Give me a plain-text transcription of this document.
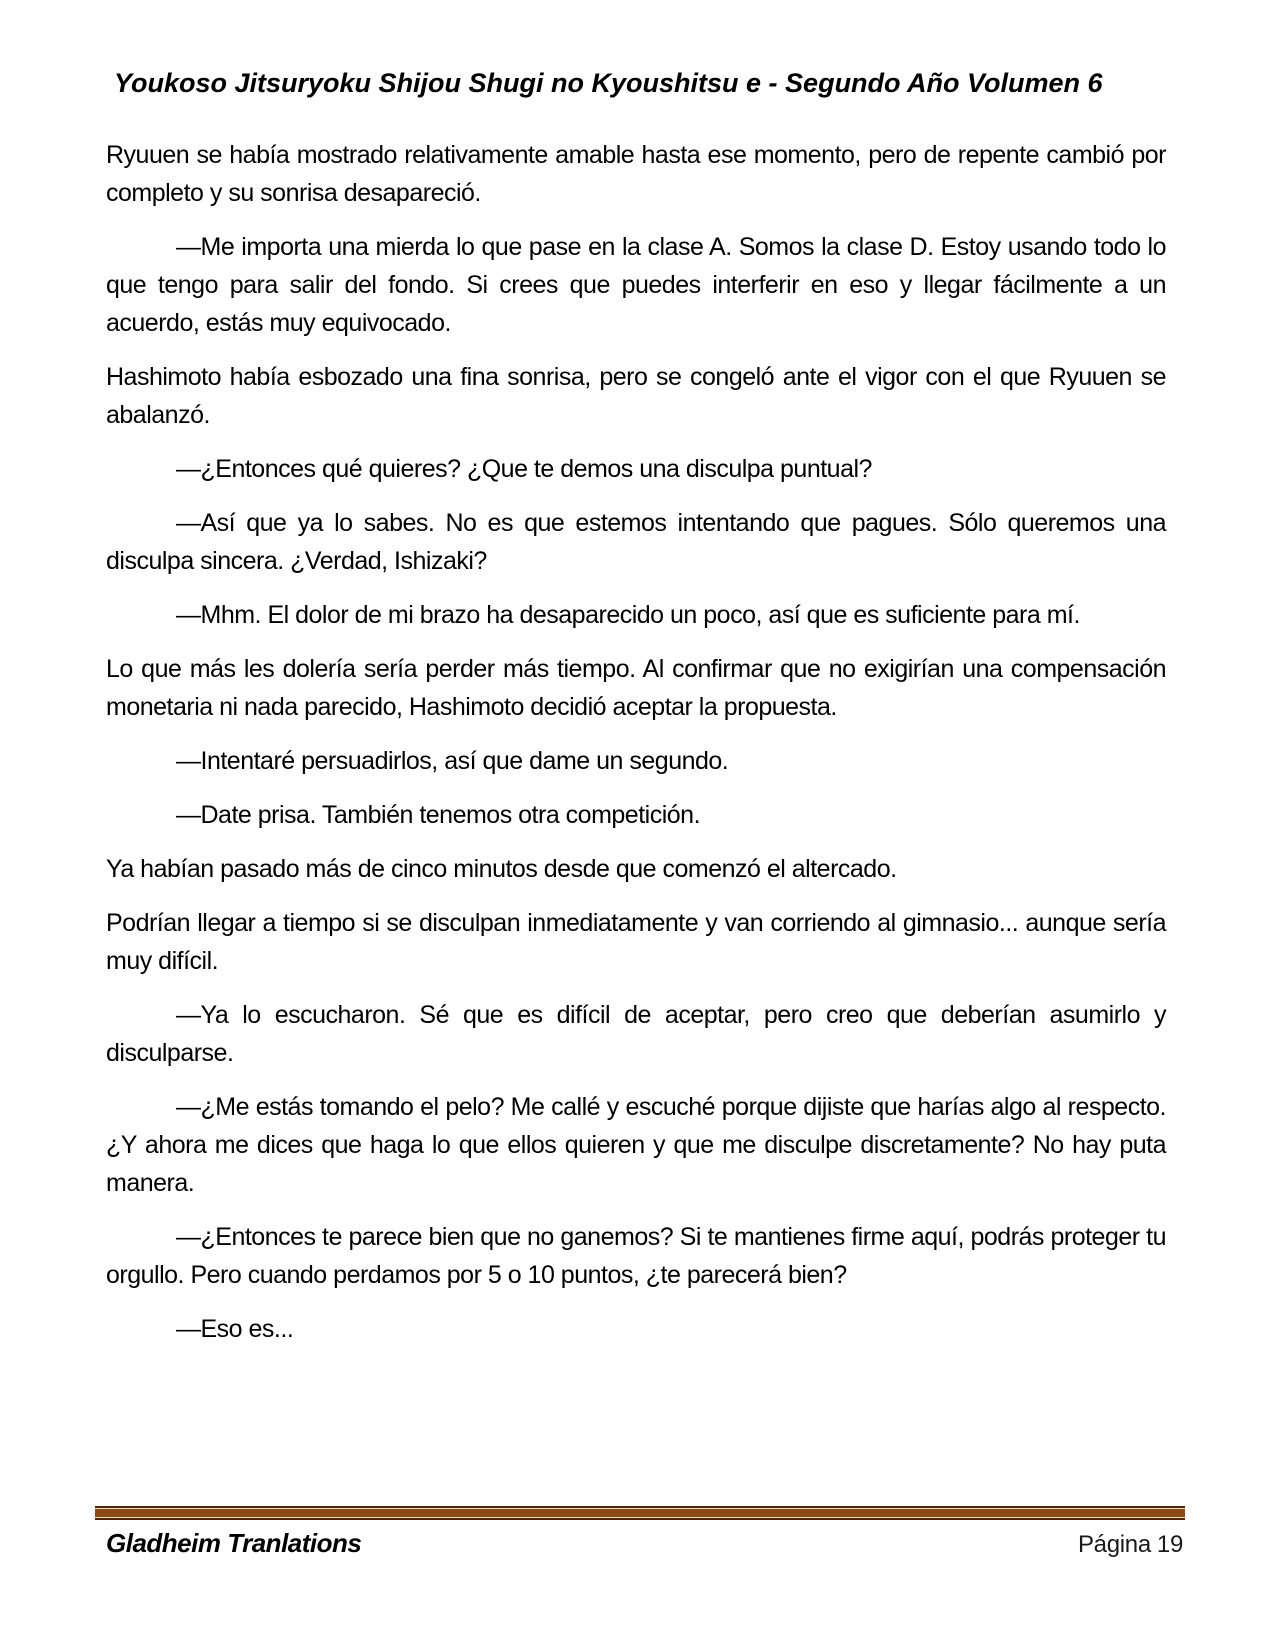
Youkoso Jitsuryoku Shijou Shugi no Kyoushitsu e - Segundo Año Volumen 6

Ryuuen se había mostrado relativamente amable hasta ese momento, pero de repente cambió por completo y su sonrisa desapareció.

—Me importa una mierda lo que pase en la clase A. Somos la clase D. Estoy usando todo lo que tengo para salir del fondo. Si crees que puedes interferir en eso y llegar fácilmente a un acuerdo, estás muy equivocado.

Hashimoto había esbozado una fina sonrisa, pero se congeló ante el vigor con el que Ryuuen se abalanzó.

—¿Entonces qué quieres? ¿Que te demos una disculpa puntual?

—Así que ya lo sabes. No es que estemos intentando que pagues. Sólo queremos una disculpa sincera. ¿Verdad, Ishizaki?

—Mhm. El dolor de mi brazo ha desaparecido un poco, así que es suficiente para mí.

Lo que más les dolería sería perder más tiempo. Al confirmar que no exigirían una compensación monetaria ni nada parecido, Hashimoto decidió aceptar la propuesta.

—Intentaré persuadirlos, así que dame un segundo.

—Date prisa. También tenemos otra competición.

Ya habían pasado más de cinco minutos desde que comenzó el altercado.

Podrían llegar a tiempo si se disculpan inmediatamente y van corriendo al gimnasio... aunque sería muy difícil.

—Ya lo escucharon. Sé que es difícil de aceptar, pero creo que deberían asumirlo y disculparse.

—¿Me estás tomando el pelo? Me callé y escuché porque dijiste que harías algo al respecto. ¿Y ahora me dices que haga lo que ellos quieren y que me disculpe discretamente? No hay puta manera.

—¿Entonces te parece bien que no ganemos? Si te mantienes firme aquí, podrás proteger tu orgullo. Pero cuando perdamos por 5 o 10 puntos, ¿te parecerá bien?

—Eso es...

Gladheim Tranlations	Página 19
